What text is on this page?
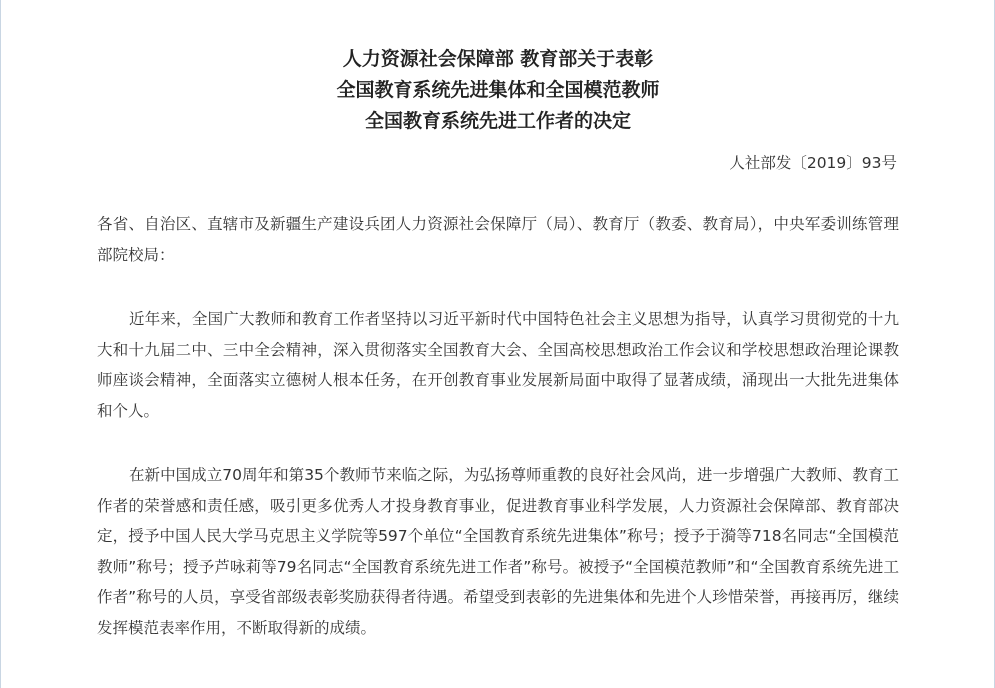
人力资源社会保障部 教育部关于表彰

全国教育系统先进集体和全国模范教师

全国教育系统先进工作者的决定

人社部发〔2019〕93号

各省、自治区、直辖市及新疆生产建设兵团人力资源社会保障厅（局）、教育厅（教委、教育局），中央军委训练管理部院校局：

近年来，全国广大教师和教育工作者坚持以习近平新时代中国特色社会主义思想为指导，认真学习贯彻党的十九大和十九届二中、三中全会精神，深入贯彻落实全国教育大会、全国高校思想政治工作会议和学校思想政治理论课教师座谈会精神，全面落实立德树人根本任务，在开创教育事业发展新局面中取得了显著成绩，涌现出一大批先进集体和个人。

在新中国成立70周年和第35个教师节来临之际，为弘扬尊师重教的良好社会风尚，进一步增强广大教师、教育工作者的荣誉感和责任感，吸引更多优秀人才投身教育事业，促进教育事业科学发展，人力资源社会保障部、教育部决定，授予中国人民大学马克思主义学院等597个单位“全国教育系统先进集体”称号；授予于漪等718名同志“全国模范教师”称号；授予芦咏莉等79名同志“全国教育系统先进工作者”称号。被授予“全国模范教师”和“全国教育系统先进工作者”称号的人员，享受省部级表彰奖励获得者待遇。希望受到表彰的先进集体和先进个人珍惜荣誉，再接再厉，继续发挥模范表率作用，不断取得新的成绩。
